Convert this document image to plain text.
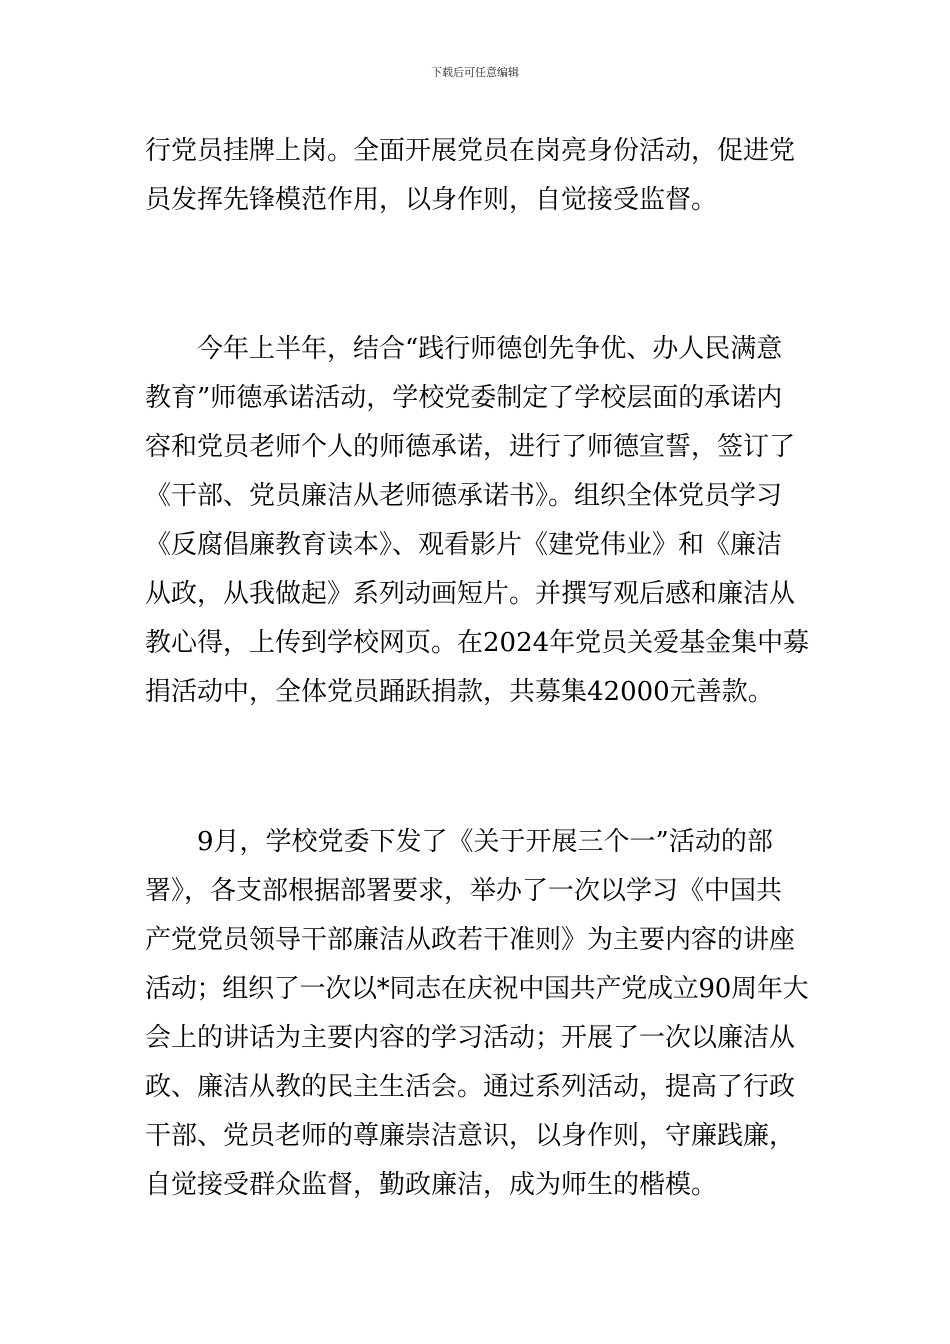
下载后可任意编辑
行党员挂牌上岗。全面开展党员在岗亮身份活动，促进党
员发挥先锋模范作用，以身作则，自觉接受监督。
　　今年上半年，结合“践行师德创先争优、办人民满意
教育”师德承诺活动，学校党委制定了学校层面的承诺内
容和党员老师个人的师德承诺，进行了师德宣誓，签订了
《干部、党员廉洁从老师德承诺书》。组织全体党员学习
《反腐倡廉教育读本》、观看影片《建党伟业》和《廉洁
从政，从我做起》系列动画短片。并撰写观后感和廉洁从
教心得，上传到学校网页。在2024年党员关爱基金集中募
捐活动中，全体党员踊跃捐款，共募集42000元善款。
　　9月，学校党委下发了《关于开展三个一”活动的部
署》，各支部根据部署要求，举办了一次以学习《中国共
产党党员领导干部廉洁从政若干准则》为主要内容的讲座
活动；组织了一次以*同志在庆祝中国共产党成立90周年大
会上的讲话为主要内容的学习活动；开展了一次以廉洁从
政、廉洁从教的民主生活会。通过系列活动，提高了行政
干部、党员老师的尊廉崇洁意识，以身作则，守廉践廉，
自觉接受群众监督，勤政廉洁，成为师生的楷模。
